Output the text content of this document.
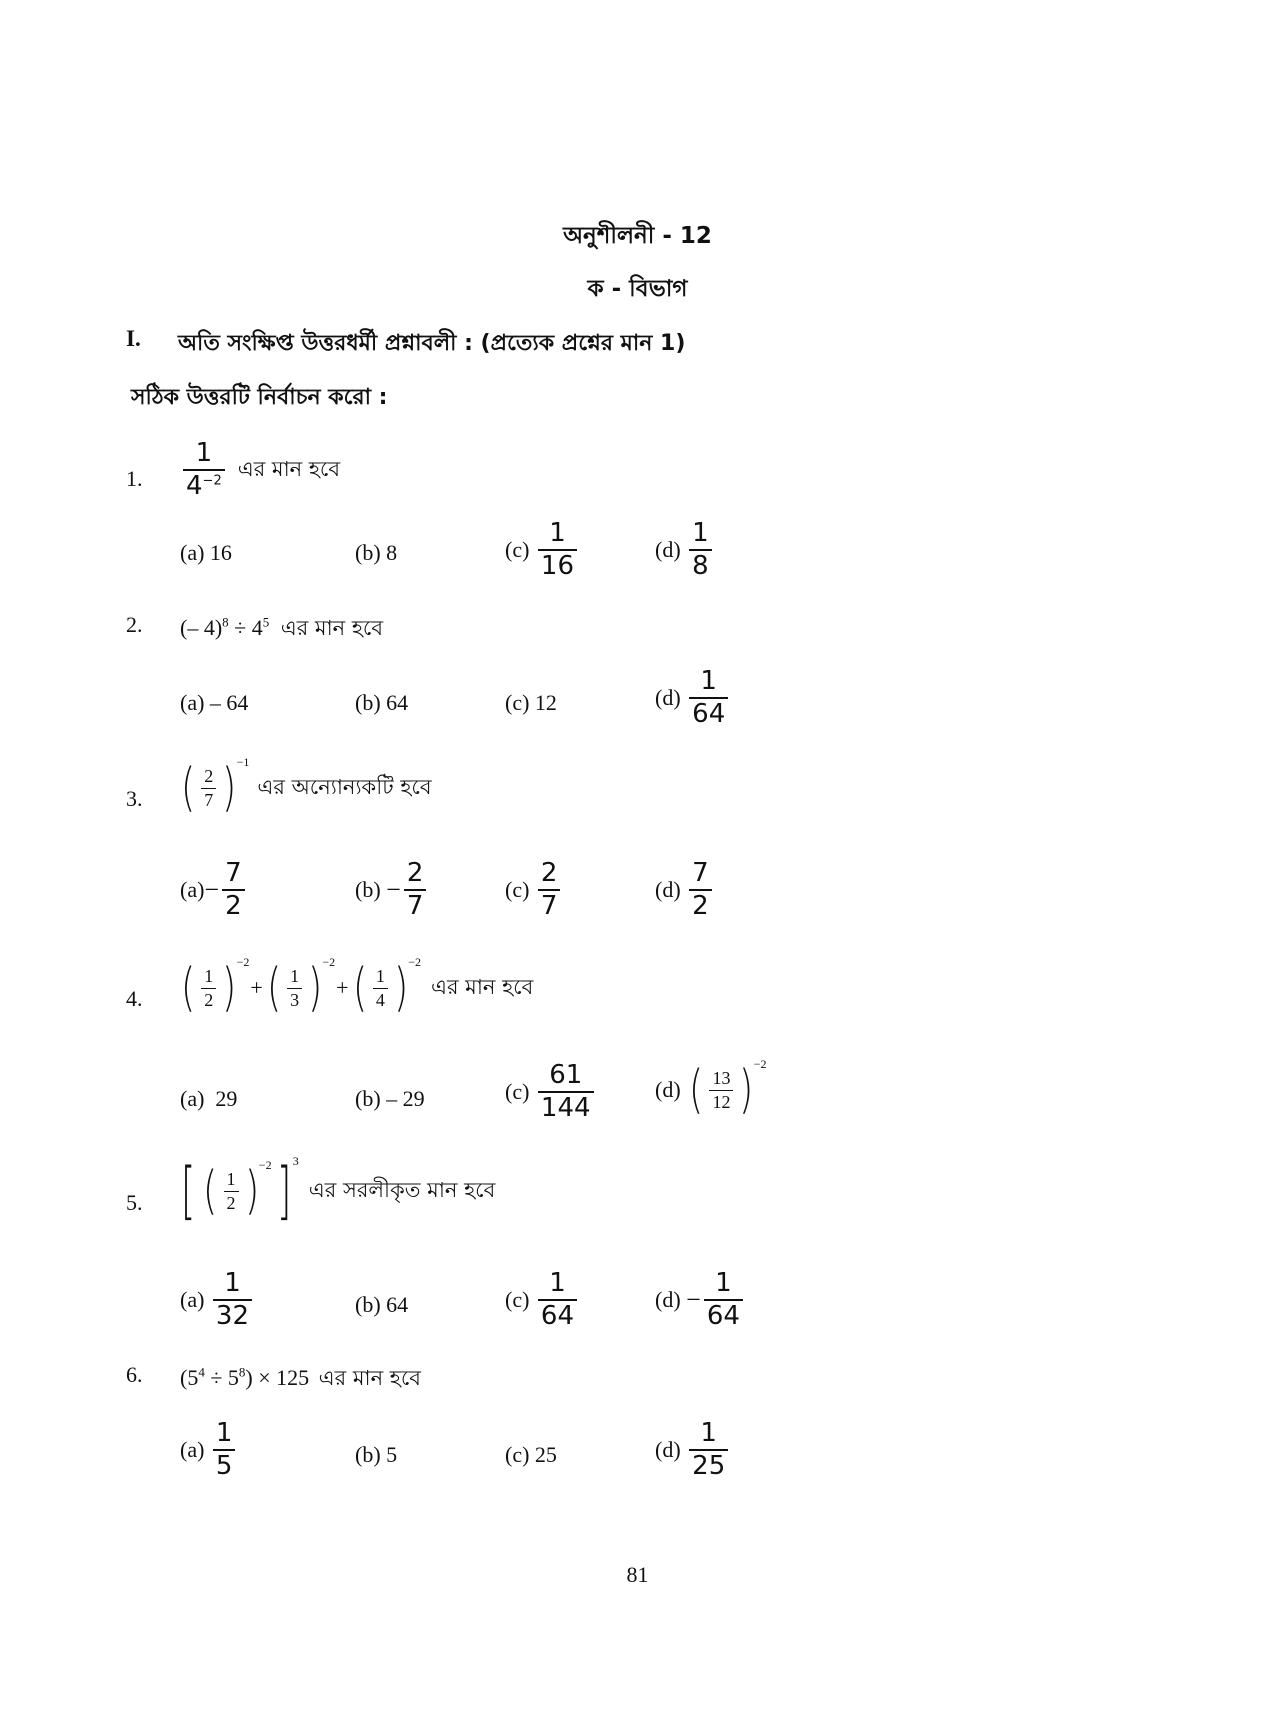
অনুশীলনী - 12
ক - বিভাগ
I. অতি সংক্ষিপ্ত উত্তরধর্মী প্রশ্নাবলী : (প্রত্যেক প্রশ্নের মান 1)
সঠিক উত্তরটি নির্বাচন করো :
1. $\frac{1}{4^{-2}}$ এর মান হবে
(a)
16	(b)
8	(c)
$\frac{1}{16}$	(d)
$\frac{1}{8}$
2. (– $4)^8 \div 4^5$ এর মান হবে
(a)
– 64	(b)
64	(c)
12	(d)
$\frac{1}{64}$
3. ( $\frac{2}{7}$ ) −1
এর অন্যোন্যকটি হবে
$(a) - \frac{7}{2}$	(b)
− $\frac{2}{7}$	(c)
$\frac{2}{7}$	(d)
$\frac{7}{2}$
4. ( $\frac{1}{2}$ ) −2
+ ( $\frac{1}{3}$ ) −2
+ ( $\frac{1}{4}$ ) −2
এর মান হবে
(a)
29	(b)
– 29	(c)
$\frac{61}{144}$	(d)
( $\frac{13}{12}$ ) −2
5. [ ( $\frac{1}{2}$ ) −2 ] 3
এর সরলীকৃত মান হবে
(a)
$\frac{1}{32}$	(b)
64	(c)
$\frac{1}{64}$	(d)
− $\frac{1}{64}$
6. $(5^4 \div 5^8) \times 125$ এর মান হবে
(a)
$\frac{1}{5}$	(b)
5	(c)
25	(d)
$\frac{1}{25}$
81
